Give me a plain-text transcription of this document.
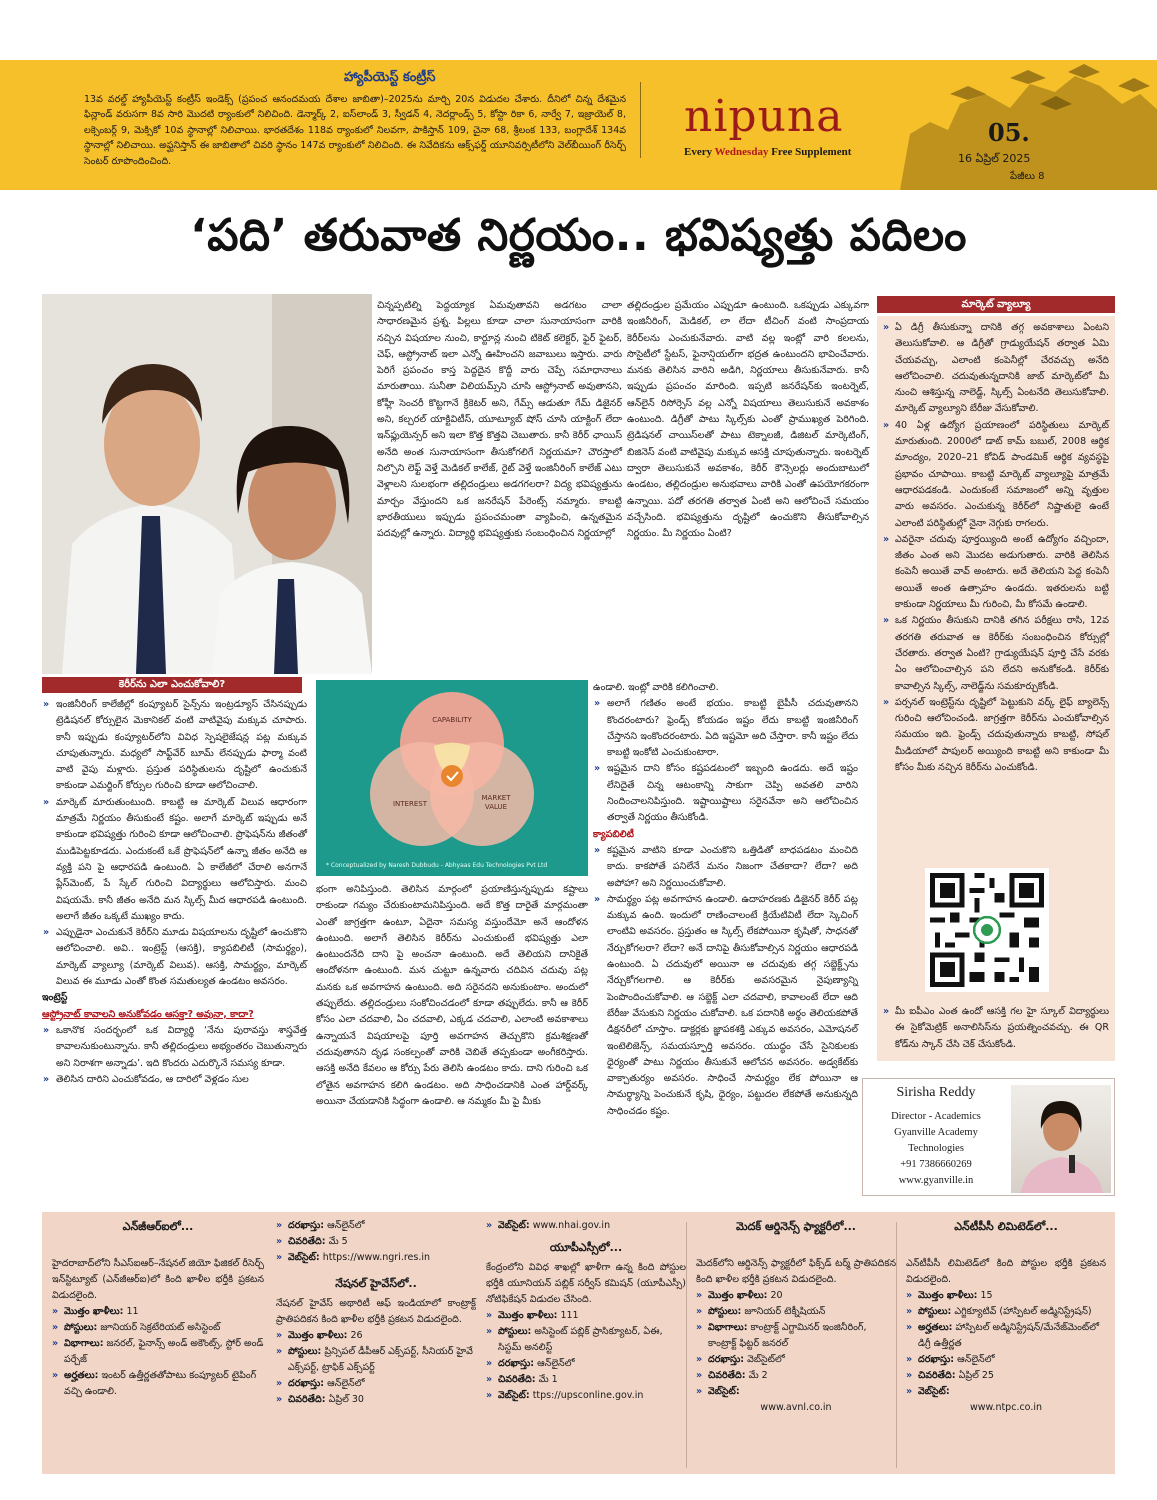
హ్యాపీయెస్ట్ కంట్రీస్
13వ వరల్డ్ హ్యాపీయెస్ట్ కంట్రీస్ ఇండెక్స్ (ప్రపంచ ఆనందమయ దేశాల జాబితా)–2025ను మార్చి 20న విడుదల చేశారు. దీనిలో చిన్న దేశమైన ఫిన్లాండ్ వరుసగా 8వ సారి మొదటి ర్యాంకులో నిలిచింది. డెన్మార్క్ 2, ఐస్‌లాండ్ 3, స్వీడన్ 4, నెదర్లాండ్స్ 5, కోస్టా రికా 6, నార్వే 7, ఇజ్రాయెల్ 8, లక్సెంబర్గ్ 9, మెక్సికో 10వ స్థానాల్లో నిలిచాయి. భారతదేశం 118వ ర్యాంకులో నిలవగా, పాకిస్తాన్ 109, చైనా 68, శ్రీలంక 133, బంగ్లాదేశ్ 134వ స్థానాల్లో నిలిచాయి. అఫ్ఘనిస్తాన్ ఈ జాబితాలో చివరి స్థానం 147వ ర్యాంకులో నిలిచింది. ఈ నివేదికను ఆక్స్‌ఫర్డ్ యూనివర్సిటీలోని వెల్‌బీయింగ్ రీసెర్చ్ సెంటర్ రూపొందించింది.
nipuna
Every Wednesday Free Supplement
05.
16 ఏప్రిల్ 2025
పేజీలు 8
‘పది’ తరువాత నిర్ణయం.. భవిష్యత్తు పదిలం

చిన్నప్పటిల్ని పెద్దయ్యాక ఏమవుతావని అడగటం చాలా సాధారణమైన ప్రశ్న. పిల్లలు కూడా చాలా సునాయాసంగా వారికి నచ్చిన విషయాల నుంచి, కార్టూన్ల నుంచి టికెట్ కలెక్టర్, ఫైర్ ఫైటర్, చెఫ్, ఆస్ట్రోనాట్ ఇలా ఎన్నో ఊహించని జవాబులు ఇస్తారు. వారు పెరిగే ప్రపంచం కాస్త పెద్దదైన కొద్దీ వారు చెప్పే సమాధానాలు మారుతాయి. సునీతా విలియమ్స్‌ని చూసి ఆస్ట్రోనాట్ అవుతానని, కోహ్లీ సెంచరీ కొట్టగానే క్రికెటర్ అని, గేమ్స్ ఆడుతూ గేమ్ డిజైనర్ అని, కల్చరల్ యాక్టివిటీస్, యూట్యూబ్ షోస్ చూసి యాక్టింగ్ లేదా ఇన్‌ఫ్లుయెన్సర్ అని ఇలా కొత్త కొత్తవి చెబుతారు. కానీ కెరీర్ ఛాయిస్ అనేది అంత సునాయాసంగా తీసుకోగలిగే నిర్ణయమా? చౌరస్తాలో నిల్చొని లెఫ్ట్ వెళ్తే మెడికల్ కాలేజ్, రైట్ వెళ్తే ఇంజినీరింగ్ కాలేజ్ ఎటు వెళ్లాలని సులభంగా తల్లిదండ్రులు అడగగలరా? విద్య భవిష్యత్తును మార్చం వేస్తుందని ఒక జనరేషన్ పేరెంట్స్ నమ్మారు. కాబట్టి భారతీయులు ఇప్పుడు ప్రపంచమంతా వ్యాపించి, ఉన్నతమైన పదవుల్లో ఉన్నారు. విద్యార్థి భవిష్యత్తుకు సంబంధించిన నిర్ణయాల్లో

తల్లిదండ్రుల ప్రమేయం ఎప్పుడూ ఉంటుంది. ఒకప్పుడు ఎక్కువగా ఇంజినీరింగ్, మెడికల్, లా లేదా టీచింగ్ వంటి సాంప్రదాయ కెరీర్‌లను ఎంచుకునేవారు. వాటి వల్ల ఇంట్లో వారి కలలను, సొసైటీలో స్టేటస్, ఫైనాన్షియల్‌గా భద్రత ఉంటుందని భావించేవారు. మనకు తెలిసిన వారిని అడిగి, నిర్ణయాలు తీసుకునేవారు. కానీ ఇప్పుడు ప్రపంచం మారింది. ఇప్పటి జనరేషన్‌కు ఇంటర్నెట్, ఆన్‌లైన్ రిసోర్సెస్ వల్ల ఎన్నో విషయాలు తెలుసుకునే అవకాశం ఉంటుంది. డిగ్రీతో పాటు స్కిల్స్‌కు ఎంతో ప్రాముఖ్యత పెరిగింది. ట్రెడిషనల్ చాయిస్‌లతో పాటు టెక్నాలజీ, డిజిటల్ మార్కెటింగ్, బిజినెస్ వంటి వాటివైపు మక్కువ ఆసక్తి చూపుతున్నారు. ఇంటర్నెట్ ద్వారా తెలుసుకునే అవకాశం, కెరీర్ కౌన్సెలర్లు అందుబాటులో ఉండటం, తల్లిదండ్రుల అనుభవాలు వారికి ఎంతో ఉపయోగకరంగా ఉన్నాయి. పదో తరగతి తర్వాత ఏంటి అని ఆలోచించే సమయం వచ్చేసింది. భవిష్యత్తును దృష్టిలో ఉంచుకొని తీసుకోవాల్సిన నిర్ణయం. మీ నిర్ణయం ఏంటి?

మార్కెట్ వ్యాల్యూ
» ఏ డిగ్రీ తీసుకున్నా దానికి తగ్గ అవకాశాలు ఏంటని తెలుసుకోవాలి. ఆ డిగ్రీతో గ్రాడ్యుయేషన్ తర్వాత ఏమి చేయవచ్చు, ఎలాంటి కంపెనీల్లో చేరవచ్చు అనేది ఆలోచించాలి. చదువుతున్నదానికి జాబ్ మార్కెట్‌లో మీ నుంచి ఆశిస్తున్న నాలెడ్జ్, స్కిల్స్ ఏంటనేది తెలుసుకోవాలి. మార్కెట్ వ్యాల్యూని బేరీజు వేసుకోవాలి.
» 40 ఏళ్ల ఉద్యోగ ప్రయాణంలో పరిస్థితులు మార్కెట్ మారుతుంది. 2000లో డాట్ కామ్ బబుల్, 2008 ఆర్థిక మాంద్యం, 2020–21 కోవిడ్ పాండమిక్ ఆర్థిక వ్యవస్థపై ప్రభావం చూపాయి. కాబట్టి మార్కెట్ వ్యాల్యూపై మాత్రమే ఆధారపడకండి. ఎందుకంటే సమాజంలో అన్ని వృత్తుల వారు అవసరం. ఎంచుకున్న కెరీర్‌లో నిష్ణాతులై ఉంటే ఎలాంటి పరిస్థితుల్లో నైనా నెగ్గుకు రాగలరు.
» ఎవరైనా చదువు పూర్తయ్యింది అంటే ఉద్యోగం వచ్చిందా, జీతం ఎంత అని మొదట అడుగుతారు. వారికి తెలిసిన కంపెనీ అయితే వావ్ అంటారు. అదే తెలియని పెద్ద కంపెనీ అయితే అంత ఉత్సాహం ఉండదు. ఇతరులను బట్టి కాకుండా నిర్ణయాలు మీ గురించి, మీ కోసమే ఉండాలి.
» ఒక నిర్ణయం తీసుకుని దానికి తగిన పరీక్షలు రాసి, 12వ తరగతి తరువాత ఆ కెరీర్‌కు సంబంధించిన కోర్సుల్లో చేరతారు. తర్వాత ఏంటి? గ్రాడ్యుయేషన్ పూర్తి చేసే వరకు ఏం ఆలోచించాల్సిన పని లేదని అనుకోకండి. కెరీర్‌కు కావాల్సిన స్కిల్స్, నాలెడ్జ్‌ను సమకూర్చుకోండి.
» పర్సనల్ ఇంట్రెస్ట్‌ను దృష్టిలో పెట్టుకుని వర్క్ లైఫ్ బ్యాలెన్స్ గురించి ఆలోచించండి. జాగ్రత్తగా కెరీర్‌ను ఎంచుకోవాల్సిన సమయం ఇది. ఫ్రెండ్స్ చదువుతున్నారు కాబట్టి, సోషల్ మీడియాలో పాపులర్ అయ్యింది కాబట్టి అని కాకుండా మీ కోసం మీకు నచ్చిన కెరీర్‌ను ఎంచుకోండి.
» మీ ఐపీఎం ఎంత ఉందో ఆసక్తి గల హై స్కూల్ విద్యార్థులు ఈ సైకోమెట్రిక్ అనాలిసిస్‌ను ప్రయత్నించవచ్చు. ఈ QR కోడ్‌ను స్కాన్ చేసి చెక్ చేసుకోండి.
Sirisha Reddy
Director - Academics
Gyanville Academy
Technologies
+91 7386660269
www.gyanville.in
కెరీర్‌ను ఎలా ఎంచుకోవాలి?
» ఇంజినీరింగ్ కాలేజీల్లో కంప్యూటర్ సైన్స్‌ను ఇంట్రడ్యూస్ చేసినప్పుడు ట్రెడిషనల్ కోర్సులైన మెకానికల్ వంటి వాటివైపు మక్కువ చూపారు. కానీ ఇప్పుడు కంప్యూటర్‌లోని వివిధ స్పెషలైజేషన్ల పట్ల మక్కువ చూపుతున్నారు. మధ్యలో సాఫ్ట్‌వేర్ బూమ్ లేనప్పుడు ఫార్మా వంటి వాటి వైపు మళ్లారు. ప్రస్తుత పరిస్థితులను దృష్టిలో ఉంచుకునే కాకుండా ఎమర్జింగ్ కోర్సుల గురించి కూడా ఆలోచించాలి.
» మార్కెట్ మారుతుంటుంది. కాబట్టి ఆ మార్కెట్ విలువ ఆధారంగా మాత్రమే నిర్ణయం తీసుకుంటే కష్టం. అలాగే మార్కెట్ ఇప్పుడు అనే కాకుండా భవిష్యత్తు గురించి కూడా ఆలోచించాలి. ప్రొఫెషన్‌ను జీతంతో ముడిపెట్టకూడదు. ఎందుకంటే ఒకే ప్రొఫెషన్‌లో ఉన్నా జీతం అనేది ఆ వ్యక్తి పని పై ఆధారపడి ఉంటుంది. ఏ కాలేజీలో చేరాలి అనగానే ప్లేస్‌మెంట్, పే స్కేల్ గురించి విద్యార్థులు ఆలోచిస్తారు. మంచి విషయమే. కానీ జీతం అనేది మన స్కిల్స్ మీద ఆధారపడి ఉంటుంది. అలాగే జీతం ఒక్కటే ముఖ్యం కాదు.
» ఎప్పుడైనా ఎంచుకునే కెరీర్‌ని మూడు విషయాలను దృష్టిలో ఉంచుకొని ఆలోచించాలి. అవి.. ఇంట్రెస్ట్ (ఆసక్తి), క్యాపబిలిటీ (సామర్థ్యం), మార్కెట్ వ్యాల్యూ (మార్కెట్ విలువ). ఆసక్తి, సామర్థ్యం, మార్కెట్ విలువ ఈ మూడు ఎంతో కొంత సమతుల్యత ఉండటం అవసరం.
ఇంట్రెస్ట్
ఆస్ట్రోనాట్ కావాలని అనుకోవడం ఆసక్తా? అవునా, కాదా?
» ఒకానొక సందర్భంలో ఒక విద్యార్థి ‘నేను పురావస్తు శాస్త్రవేత్త కావాలనుకుంటున్నాను. కానీ తల్లిదండ్రులు అభ్యంతరం చెబుతున్నారు అని నిరాశగా అన్నాడు’. ఇది కొందరు ఎదుర్కొనే సమస్య కూడా.
» తెలిసిన దారిని ఎంచుకోవడం, ఆ దారిలో వెళ్లడం సుల
CAPABILITY
INTEREST
MARKET
VALUE
* Conceptualized by Naresh Dubbudu - Abhyaas Edu Technologies Pvt Ltd

భంగా అనిపిస్తుంది. తెలిసిన మార్గంలో ప్రయాణిస్తున్నప్పుడు కష్టాలు రాకుండా గమ్యం చేరుకుంటామనిపిస్తుంది. అదే కొత్త దారైతే మార్గమంతా ఎంతో జాగ్రత్తగా ఉంటూ, ఏదైనా సమస్య వస్తుందేమో అనే ఆందోళన ఉంటుంది. అలాగే తెలిసిన కెరీర్‌ను ఎంచుకుంటే భవిష్యత్తు ఎలా ఉంటుందనేది దాని పై అంచనా ఉంటుంది. అదే తెలియని దానికైతే ఆందోళనగా ఉంటుంది. మన చుట్టూ ఉన్నవారు చదివిన చదువు పట్ల మనకు ఒక అవగాహన ఉంటుంది. అది సరైనదని అనుకుంటాం. అందులో తప్పులేదు. తల్లిదండ్రులు సంకోచించడంలో కూడా తప్పులేదు. కానీ ఆ కెరీర్ కోసం ఎలా చదవాలి, ఏం చదవాలి, ఎక్కడ చదవాలి, ఎలాంటి అవకాశాలు ఉన్నాయనే విషయాలపై పూర్తి అవగాహన తెచ్చుకొని క్రమశిక్షణతో చదువుతానని దృఢ సంకల్పంతో వారికి చెబితే తప్పకుండా అంగీకరిస్తారు. ఆసక్తి అనేది కేవలం ఆ కోర్సు పేరు తెలిసి ఉండటం కాదు. దాని గురించి ఒక లోతైన అవగాహన కలిగి ఉండటం. అది సాధించడానికి ఎంత హార్డ్‌వర్క్ అయినా చేయడానికి సిద్ధంగా ఉండాలి. ఆ నమ్మకం మీ పై మీకు

ఉండాలి. ఇంట్లో వారికి కలిగించాలి.
» అలాగే గణితం అంటే భయం. కాబట్టి బైపీసీ చదువుతానని కొందరంటారు? ఫ్రెండ్స్ కోయడం ఇష్టం లేదు కాబట్టి ఇంజినీరింగ్ చేస్తానని ఇంకొందరంటారు. ఏది ఇష్టమో అది చేస్తారా. కానీ ఇష్టం లేదు కాబట్టి ఇంకోటి ఎంచుకుంటారా.
» ఇష్టమైన దాని కోసం కష్టపడటంలో ఇబ్బంది ఉండదు. అదే ఇష్టం లేనిదైతే చిన్న ఆటంకాన్ని సాకుగా చెప్పి అవతలి వారిని నిందించాలనిపిస్తుంది. ఇష్టాయిష్టాలు సరైనవేనా అని ఆలోచించిన తర్వాతే నిర్ణయం తీసుకోండి.
క్యాపబిలిటీ
» కష్టమైన వాటిని కూడా ఎంచుకొని ఒత్తిడితో బాధపడటం మంచిది కాదు. కాకపోతే పనిలేనే మనం నిజంగా చేతకాదా? లేదా? అది అపోహా? అని నిర్ణయించుకోవాలి.
» సామర్థ్యం పట్ల అవగాహన ఉండాలి. ఉదాహరణకు డిజైనర్ కెరీర్ పట్ల మక్కువ ఉంది. ఇందులో రాణించాలంటే క్రియేటివిటీ లేదా స్కెచింగ్ లాంటివి అవసరం. ప్రస్తుతం ఆ స్కిల్స్ లేకపోయినా కృషితో, సాధనతో నేర్చుకోగలరా? లేదా? అనే దానిపై తీసుకోవాల్సిన నిర్ణయం ఆధారపడి ఉంటుంది. ఏ చదువులో అయినా ఆ చదువుకు తగ్గ సబ్జెక్ట్స్‌ను నేర్చుకోగలగాలి. ఆ కెరీర్‌కు అవసరమైన నైపుణ్యాన్ని పెంపొందించుకోవాలి. ఆ సబ్జెక్ట్ ఎలా చదవాలి, కావాలంటే లేదా ఆది బేరీజు వేసుకుని నిర్ణయం చుకోవాలి. ఒక పదానికి అర్థం తెలియకపోతే డిక్షనరీలో చూస్తాం. డాక్టర్లకు జ్ఞాపకశక్తి ఎక్కువ అవసరం, ఎమోషనల్ ఇంటెలిజెన్స్, సమయస్ఫూర్తి అవసరం. యుద్ధం చేసే సైనికులకు ధైర్యంతో పాటు నిర్ణయం తీసుకునే ఆలోచన అవసరం. అడ్వకేట్‌కు వాక్చాతుర్యం అవసరం. సాధించే సామర్థ్యం లేక పోయినా ఆ సామర్థ్యాన్ని పెంచుకునే కృషి, ధైర్యం, పట్టుదల లేకపోతే అనుకున్నది సాధించడం కష్టం.
ఎన్‌జీఆర్ఐలో...

హైదరాబాద్‌లోని సీఎస్ఐఆర్–నేషనల్ జియో ఫిజికల్ రీసెర్చ్ ఇన్‌స్టిట్యూట్ (ఎన్‌జీఆర్ఐ)లో కింది ఖాళీల భర్తీకి ప్రకటన విడుదలైంది.

» మొత్తం ఖాళీలు: 11
» పోస్టులు: జూనియర్ సెక్రటేరియట్ అసిస్టెంట్
» విభాగాలు: జనరల్, ఫైనాన్స్ అండ్ అకౌంట్స్, స్టోర్ అండ్ పర్చేజ్
» అర్హతలు: ఇంటర్ ఉత్తీర్ణతతోపాటు కంప్యూటర్ టైపింగ్ వచ్చి ఉండాలి.
» దరఖాస్తు: ఆన్‌లైన్‌లో
» చివరితేది: మే 5
» వెబ్‌సైట్: https://www.ngri.res.in
నేషనల్ హైవేస్‌లో..

నేషనల్ హైవేస్ అథారిటీ ఆఫ్ ఇండియాలో కాంట్రాక్ట్ ప్రాతిపదికన కింది ఖాళీల భర్తీకి ప్రకటన విడుదలైంది.

» మొత్తం ఖాళీలు: 26
» పోస్టులు: ప్రిన్సిపల్ డీపీఆర్ ఎక్స్‌పర్ట్, సీనియర్ హైవే ఎక్స్‌పర్ట్, ట్రాఫిక్ ఎక్స్‌పర్ట్
» దరఖాస్తు: ఆన్‌లైన్‌లో
» చివరితేది: ఏప్రిల్ 30
» వెబ్‌సైట్: www.nhai.gov.in
యూపీఎస్సీలో...

కేంద్రంలోని వివిధ శాఖల్లో ఖాళీగా ఉన్న కింది పోస్టుల భర్తీకి యూనియన్ పబ్లిక్ సర్వీస్ కమిషన్ (యూపీఎస్సీ) నోటిఫికేషన్ విడుదల చేసింది.

» మొత్తం ఖాళీలు: 111
» పోస్టులు: అసిస్టెంట్ పబ్లిక్ ప్రాసిక్యూటర్, ఏఈ, సిస్టమ్ అనలిస్ట్
» దరఖాస్తు: ఆన్‌లైన్‌లో
» చివరితేది: మే 1
» వెబ్‌సైట్: ttps://upsconline.gov.in
మెదక్ ఆర్డినెన్స్ ఫ్యాక్టరీలో...

మెదక్‌లోని ఆర్డినెన్స్ ఫ్యాక్టరీలో ఫిక్స్‌డ్ టర్మ్ ప్రాతిపదికన కింది ఖాళీల భర్తీకి ప్రకటన విడుదలైంది.

» మొత్తం ఖాళీలు: 20
» పోస్టులు: జూనియర్ టెక్నీషియన్
» విభాగాలు: కాంట్రాక్ట్ ఎగ్జామినర్ ఇంజినీరింగ్, కాంట్రాక్ట్ ఫిట్టర్ జనరల్
» దరఖాస్తు: వెబ్‌సైట్‌లో
» చివరితేది: మే 2
» వెబ్‌సైట్:
www.avnl.co.in
ఎన్‌టీపీసీ లిమిటెడ్‌లో...

ఎన్‌టీపీసీ లిమిటెడ్‌లో కింది పోస్టుల భర్తీకి ప్రకటన విడుదలైంది.

» మొత్తం ఖాళీలు: 15
» పోస్టులు: ఎగ్జిక్యూటివ్ (హాస్పిటల్ అడ్మినిస్ట్రేషన్)
» అర్హతలు: హాస్పిటల్ అడ్మినిస్ట్రేషన్/మేనేజ్‌మెంట్‌లో డిగ్రీ ఉత్తీర్ణత
» దరఖాస్తు: ఆన్‌లైన్‌లో
» చివరితేది: ఏప్రిల్ 25
» వెబ్‌సైట్:
www.ntpc.co.in
